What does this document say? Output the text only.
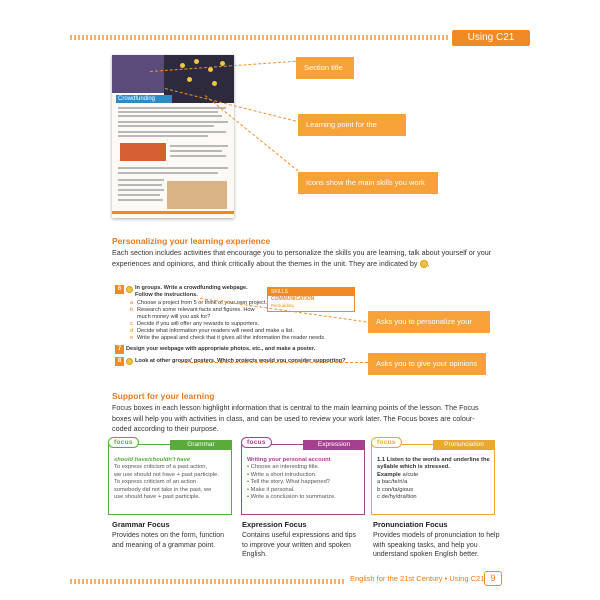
Using C21
Crowdfunding
Section title
Learning point for the section.
Icons show the main skills you work on.
Personalizing your learning experience
Each section includes activities that encourage you to personalize the skills you are learning, talk about yourself or your experiences and opinions, and think critically about the themes in the unit. They are indicated by .
6	In groups. Write a crowdfunding webpage.
Follow the instructions.
a Choose a project from 5 or think of your own project.
b Research some relevant facts and figures. How much money will you ask for?
c Decide if you will offer any rewards to supporters.
d Decide what information your readers will need and make a list.
e Write the appeal and check that it gives all the information the reader needs.
7 Design your webpage with appropriate photos, etc., and make a poster.
8	Look at other groups' posters. Which projects would you consider supporting?
SKILLS
COMMUNICATION
Persuading
Asks you to personalize your skills
Asks you to give your opinions
Support for your learning
Focus boxes in each lesson highlight information that is central to the main learning points of the lesson. The Focus boxes will help you with activities in class, and can be used to review your work later. The Focus boxes are colour-coded according to their purpose.
Grammar
focus
should have/shouldn't have
To express criticism of a past action,
we use should not have + past participle.
To express criticism of an action
somebody did not take in the past, we
use should have + past participle.
Expression
focus
Writing your personal account
• Choose an interesting title.
• Write a short introduction.
• Tell the story. What happened?
• Make it personal.
• Write a conclusion to summarize.
Pronunciation
focus
1.1 Listen to the words and underline the syllable which is stressed.
Example a/cute
a bac/te/ri/a
b con/ta/gious
c de/hy/dra/tion
Grammar Focus
Provides notes on the form, function and meaning of a grammar point.
Expression Focus
Contains useful expressions and tips to improve your written and spoken English.
Pronunciation Focus
Provides models of pronunciation to help with speaking tasks, and help you understand spoken English better.
English for the 21st Century • Using C21 9
